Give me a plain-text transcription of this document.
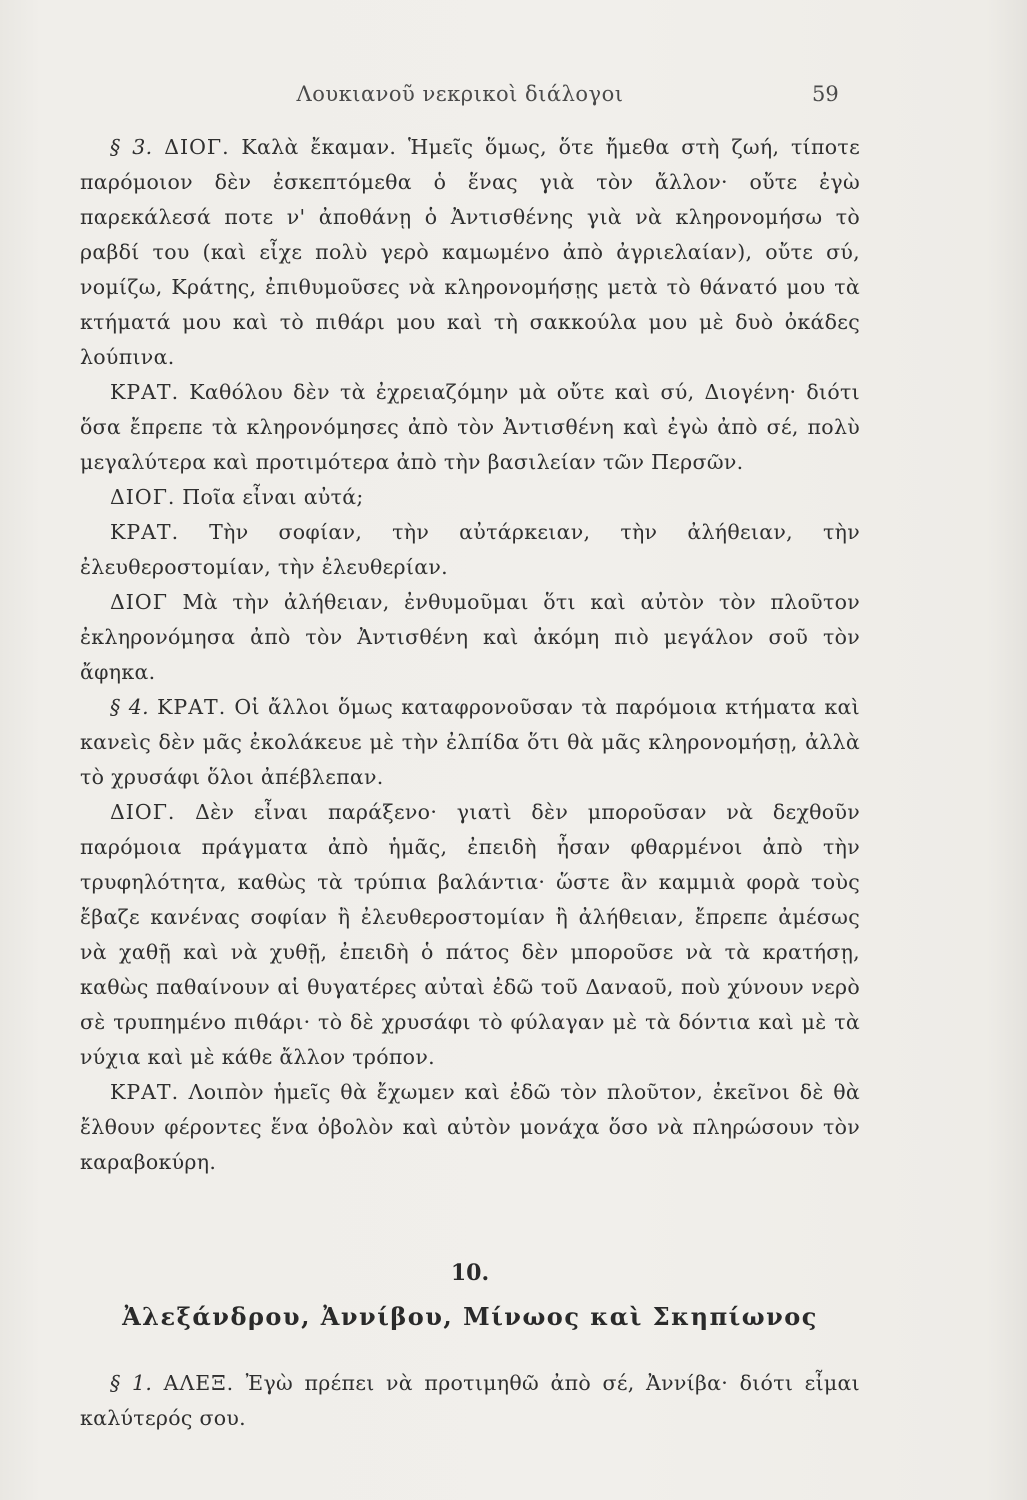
Λουκιανοῦ νεκρικοὶ διάλογοι	59

§ 3. ΔΙΟΓ. Καλὰ ἔκαμαν. Ἡμεῖς ὅμως, ὅτε ἤμεθα στὴ ζωή, τίποτε παρόμοιον δὲν ἐσκεπτόμεθα ὁ ἕνας γιὰ τὸν ἄλλον· οὔτε ἐγὼ παρεκάλεσά ποτε ν' ἀποθάνῃ ὁ Ἀντισθένης γιὰ νὰ κληρονομήσω τὸ ραβδί του (καὶ εἶχε πολὺ γερὸ καμωμένο ἀπὸ ἀγριελαίαν), οὔτε σύ, νομίζω, Κράτης, ἐπιθυμοῦσες νὰ κληρονομήσῃς μετὰ τὸ θάνατό μου τὰ κτήματά μου καὶ τὸ πιθάρι μου καὶ τὴ σακκούλα μου μὲ δυὸ ὀκάδες λούπινα.

ΚΡΑΤ. Καθόλου δὲν τὰ ἐχρειαζόμην μὰ οὔτε καὶ σύ, Διογένη· διότι ὅσα ἔπρεπε τὰ κληρονόμησες ἀπὸ τὸν Ἀντισθένη καὶ ἐγὼ ἀπὸ σέ, πολὺ μεγαλύτερα καὶ προτιμότερα ἀπὸ τὴν βασιλείαν τῶν Περσῶν.

ΔΙΟΓ. Ποῖα εἶναι αὐτά;

ΚΡΑΤ. Τὴν σοφίαν, τὴν αὐτάρκειαν, τὴν ἀλήθειαν, τὴν ἐλευθεροστομίαν, τὴν ἐλευθερίαν.

ΔΙΟΓ Μὰ τὴν ἀλήθειαν, ἐνθυμοῦμαι ὅτι καὶ αὐτὸν τὸν πλοῦτον ἐκληρονόμησα ἀπὸ τὸν Ἀντισθένη καὶ ἀκόμη πιὸ μεγάλον σοῦ τὸν ἄφηκα.

§ 4. ΚΡΑΤ. Οἱ ἄλλοι ὅμως καταφρονοῦσαν τὰ παρόμοια κτήματα καὶ κανεὶς δὲν μᾶς ἐκολάκευε μὲ τὴν ἐλπίδα ὅτι θὰ μᾶς κληρονομήσῃ, ἀλλὰ τὸ χρυσάφι ὅλοι ἀπέβλεπαν.

ΔΙΟΓ. Δὲν εἶναι παράξενο· γιατὶ δὲν μποροῦσαν νὰ δεχθοῦν παρόμοια πράγματα ἀπὸ ἡμᾶς, ἐπειδὴ ἦσαν φθαρμένοι ἀπὸ τὴν τρυφηλότητα, καθὼς τὰ τρύπια βαλάντια· ὥστε ἂν καμμιὰ φορὰ τοὺς ἔβαζε κανένας σοφίαν ἢ ἐλευθεροστομίαν ἢ ἀλήθειαν, ἔπρεπε ἀμέσως νὰ χαθῇ καὶ νὰ χυθῇ, ἐπειδὴ ὁ πάτος δὲν μποροῦσε νὰ τὰ κρατήσῃ, καθὼς παθαίνουν αἱ θυγατέρες αὐταὶ ἐδῶ τοῦ Δαναοῦ, ποὺ χύνουν νερὸ σὲ τρυπημένο πιθάρι· τὸ δὲ χρυσάφι τὸ φύλαγαν μὲ τὰ δόντια καὶ μὲ τὰ νύχια καὶ μὲ κάθε ἄλλον τρόπον.

ΚΡΑΤ. Λοιπὸν ἡμεῖς θὰ ἔχωμεν καὶ ἐδῶ τὸν πλοῦτον, ἐκεῖνοι δὲ θὰ ἔλθουν φέροντες ἕνα ὀβολὸν καὶ αὐτὸν μονάχα ὅσο νὰ πληρώσουν τὸν καραβοκύρη.

10.
Ἀλεξάνδρου, Ἀννίβου, Μίνωος καὶ Σκηπίωνος

§ 1. ΑΛΕΞ. Ἐγὼ πρέπει νὰ προτιμηθῶ ἀπὸ σέ, Ἀννίβα· διότι εἶμαι καλύτερός σου.
